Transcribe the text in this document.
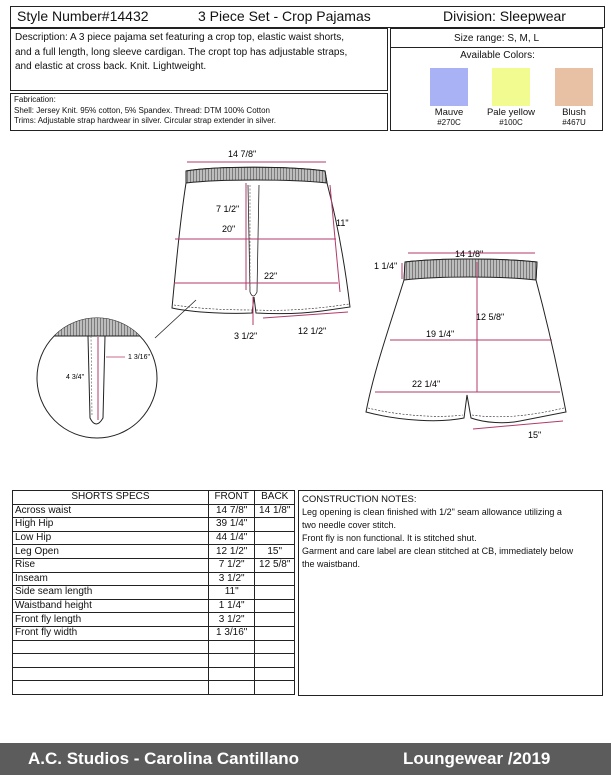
Style Number#14432	3 Piece Set - Crop Pajamas	Division: Sleepwear
Description: A 3 piece pajama set featuring a crop top, elastic waist shorts,
and a full length, long sleeve cardigan. The cropt top has adjustable straps,
and elastic at cross back. Knit. Lightweight.
Size range: S, M, L
Available Colors:
Mauve	Pale yellow	Blush
#270C	#100C	#467U
Fabrication:
Shell: Jersey Knit. 95% cotton, 5% Spandex. Thread: DTM 100% Cotton
Trims: Adjustable strap hardwear in silver. Circular strap extender in silver.
14 7/8"
7 1/2"
20"
11"
22"
3 1/2"	12 1/2"
4 3/4"
1 3/16"
1 1/4"
14 1/8"
12 5/8"
19 1/4"
22 1/4"
15"
SHORTS SPECS	FRONT	BACK
Across waist	14 7/8"	14 1/8"
High Hip	39 1/4"	
Low Hip	44 1/4"	
Leg Open	12 1/2"	15"
Rise	7 1/2"	12 5/8"
Inseam	3 1/2"	
Side seam length	11"	
Waistband height	1 1/4"	
Front fly length	3 1/2"	
Front fly width	1 3/16"	

CONSTRUCTION NOTES:
Leg opening is clean finished with 1/2" seam allowance utilizing a
two needle cover stitch.
Front fly is non functional. It is stitched shut.
Garment and care label are clean stitched at CB, immediately below
the waistband.
A.C. Studios - Carolina Cantillano	Loungewear /2019
